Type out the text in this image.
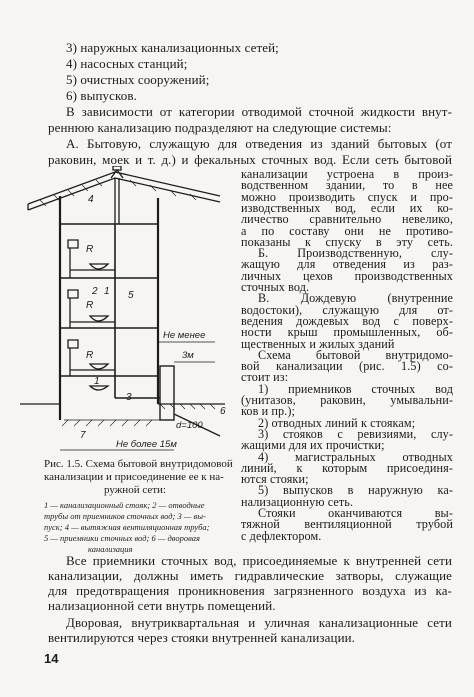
3) наружных канализационных сетей;
4) насосных станций;
5) очистных сооружений;
6) выпусков.
В зависимости от категории отводимой сточной жидкости внут-
реннюю канализацию подразделяют на следующие системы:
А. Бытовую, служащую для отведения из зданий бытовых (от
раковин, моек и т. д.) и фекальных сточных вод. Если сеть бытовой
канализации устроена в произ-
водственном здании, то в нее
можно производить спуск и про-
изводственных вод, если их ко-
личество сравнительно невелико,
а по составу они не противо-
показаны к спуску в эту сеть.
Б. Производственную, слу-
жащую для отведения из раз-
личных цехов производственных
сточных вод.
В. Дождевую (внутренние
водостоки), служащую для от-
ведения дождевых вод с поверх-
ности крыш промышленных, об-
щественных и жилых зданий
Схема бытовой внутридомо-
вой канализации (рис. 1.5) со-
стоит из:
1) приемников сточных вод
(унитазов, раковин, умывальни-
ков и пр.);
2) отводных линий к стоякам;
3) стояков с ревизиями, слу-
жащими для их прочистки;
4) магистральных отводных
линий, к которым присоединя-
ются стояки;
5) выпусков в наружную ка-
нализационную сеть.
Стояки оканчиваются вы-
тяжной вентиляционной трубой
с дефлектором.
4
R
2 1 5
R
R
1
3
7
6
Не менее
3м
d=100
Не более 15м
Рис. 1.5. Схема бытовой внутридомовой
канализации и присоединение ее к на-
ружной сети:
1 — канализационный стояк; 2 — отводные
трубы от приемников сточных вод; 3 — вы-
пуск; 4 — вытяжная вентиляционная труба;
5 — приемники сточных вод; 6 — дворовая
канализация
14
Все приемники сточных вод, присоединяемые к внутренней сети
канализации, должны иметь гидравлические затворы, служащие
для предотвращения проникновения загрязненного воздуха из ка-
нализационной сети внутрь помещений.
Дворовая, внутриквартальная и уличная канализационные сети
вентилируются через стояки внутренней канализации.
